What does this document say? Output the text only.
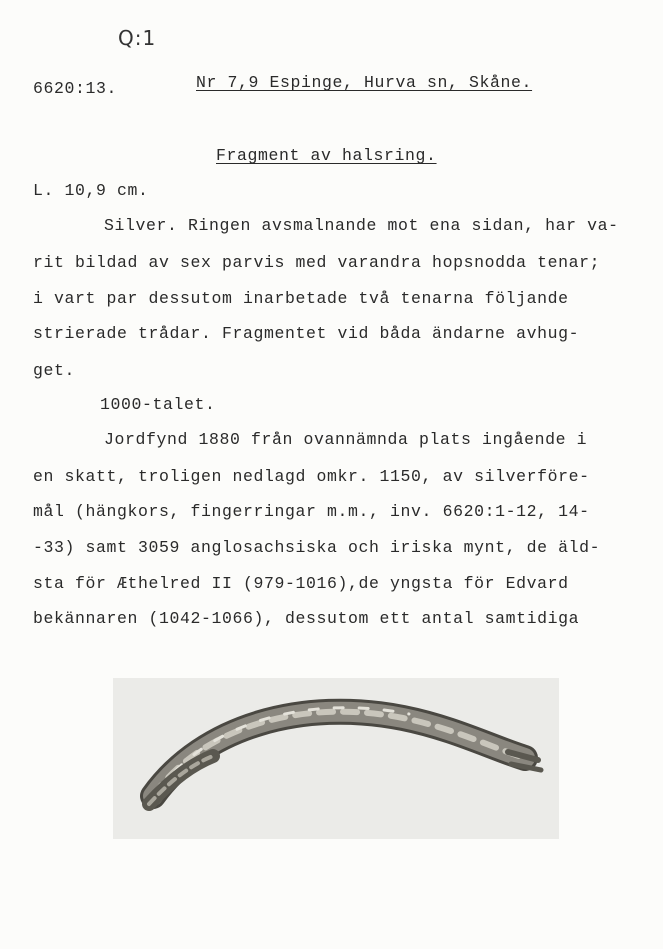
Q:1
6620:13.	Nr 7,9 Espinge, Hurva sn, Skåne.
Fragment av halsring.
L. 10,9 cm.
Silver. Ringen avsmalnande mot ena sidan, har va-
rit bildad av sex parvis med varandra hopsnodda tenar;
i vart par dessutom inarbetade två tenarna följande
strierade trådar. Fragmentet vid båda ändarne avhug-
get.
1000-talet.
Jordfynd 1880 från ovannämnda plats ingående i
en skatt, troligen nedlagd omkr. 1150, av silverföre-
mål (hängkors, fingerringar m.m., inv. 6620:1-12, 14-
-33) samt 3059 anglosachsiska och iriska mynt, de äld-
sta för Æthelred II (979-1016),de yngsta för Edvard
bekännaren (1042-1066), dessutom ett antal samtidiga
